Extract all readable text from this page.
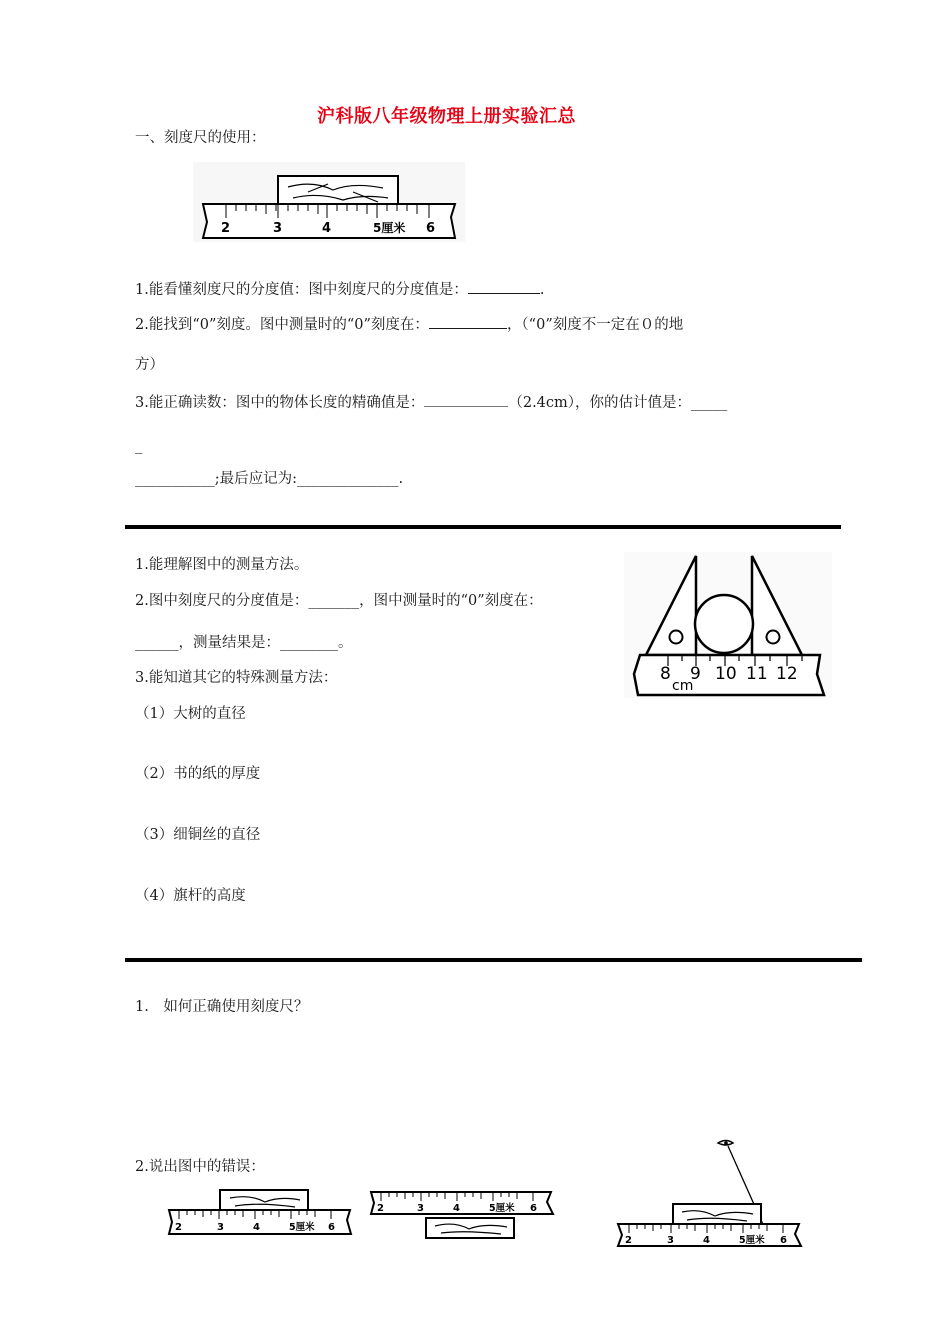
沪科版八年级物理上册实验汇总
一、刻度尺的使用：
2	3	4	5厘米 6
1.能看懂刻度尺的分度值：图中刻度尺的分度值是：	.
2.能找到“0”刻度。图中测量时的“0”刻度在：	，（“0”刻度不一定在０的地
方）
3.能正确读数：图中的物体长度的精确值是：	（2.4cm），你的估计值是：_____
_
___________;最后应记为:______________.
1.能理解图中的测量方法。
2.图中刻度尺的分度值是：_______，图中测量时的“0”刻度在：
______，测量结果是：________。
3.能知道其它的特殊测量方法：
（1）大树的直径
（2）书的纸的厚度
（3）细铜丝的直径
（4）旗杆的高度
8 9 10 11 12
cm
1.　如何正确使用刻度尺？
2.说出图中的错误：
2	3	4	5厘米 6
2	3	4	5厘米 6
2	3	4	5厘米 6
